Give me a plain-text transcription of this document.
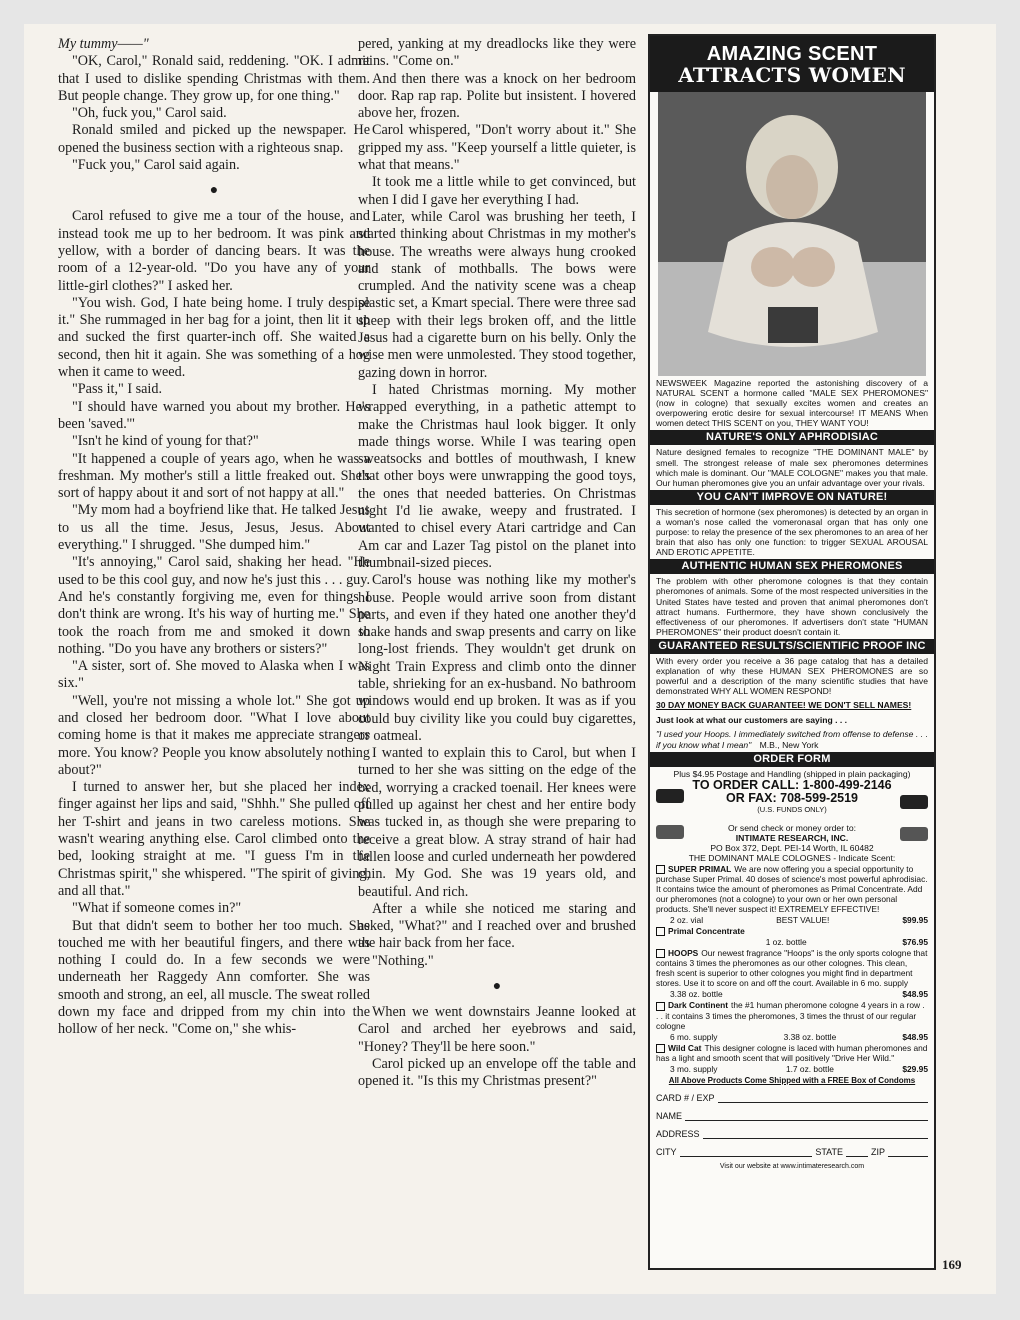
My tummy——"

"OK, Carol," Ronald said, reddening. "OK. I admit that I used to dislike spending Christmas with them. But people change. They grow up, for one thing."

"Oh, fuck you," Carol said.

Ronald smiled and picked up the newspaper. He opened the business section with a righteous snap.

"Fuck you," Carol said again.

●

Carol refused to give me a tour of the house, and instead took me up to her bedroom. It was pink and yellow, with a border of dancing bears. It was the room of a 12-year-old. "Do you have any of your little-girl clothes?" I asked her.

"You wish. God, I hate being home. I truly despise it." She rummaged in her bag for a joint, then lit it up and sucked the first quarter-inch off. She waited a second, then hit it again. She was something of a hog when it came to weed.

"Pass it," I said.

"I should have warned you about my brother. He's been 'saved.'"

"Isn't he kind of young for that?"

"It happened a couple of years ago, when he was a freshman. My mother's still a little freaked out. She's sort of happy about it and sort of not happy at all."

"My mom had a boyfriend like that. He talked Jesus to us all the time. Jesus, Jesus, Jesus. About everything." I shrugged. "She dumped him."

"It's annoying," Carol said, shaking her head. "He used to be this cool guy, and now he's just this . . . guy. And he's constantly forgiving me, even for things I don't think are wrong. It's his way of hurting me." She took the roach from me and smoked it down to nothing. "Do you have any brothers or sisters?"

"A sister, sort of. She moved to Alaska when I was six."

"Well, you're not missing a whole lot." She got up and closed her bedroom door. "What I love about coming home is that it makes me appreciate strangers more. You know? People you know absolutely nothing about?"

I turned to answer her, but she placed her index finger against her lips and said, "Shhh." She pulled off her T-shirt and jeans in two careless motions. She wasn't wearing anything else. Carol climbed onto the bed, looking straight at me. "I guess I'm in the Christmas spirit," she whispered. "The spirit of giving, and all that."

"What if someone comes in?"

But that didn't seem to bother her too much. She touched me with her beautiful fingers, and there was nothing I could do. In a few seconds we were underneath her Raggedy Ann comforter. She was smooth and strong, an eel, all muscle. The sweat rolled down my face and dripped from my chin into the hollow of her neck. "Come on," she whis-

pered, yanking at my dreadlocks like they were reins. "Come on."

And then there was a knock on her bedroom door. Rap rap rap. Polite but insistent. I hovered above her, frozen.

Carol whispered, "Don't worry about it." She gripped my ass. "Keep yourself a little quieter, is what that means."

It took me a little while to get convinced, but when I did I gave her everything I had.

Later, while Carol was brushing her teeth, I started thinking about Christmas in my mother's house. The wreaths were always hung crooked and stank of mothballs. The bows were crumpled. And the nativity scene was a cheap plastic set, a Kmart special. There were three sad sheep with their legs broken off, and the little Jesus had a cigarette burn on his belly. Only the wise men were unmolested. They stood together, gazing down in horror.

I hated Christmas morning. My mother wrapped everything, in a pathetic attempt to make the Christmas haul look bigger. It only made things worse. While I was tearing open sweatsocks and bottles of mouthwash, I knew that other boys were unwrapping the good toys, the ones that needed batteries. On Christmas night I'd lie awake, weepy and frustrated. I wanted to chisel every Atari cartridge and Can Am car and Lazer Tag pistol on the planet into thumbnail-sized pieces.

Carol's house was nothing like my mother's house. People would arrive soon from distant parts, and even if they hated one another they'd shake hands and swap presents and carry on like long-lost friends. They wouldn't get drunk on Night Train Express and climb onto the dinner table, shrieking for an ex-husband. No bathroom windows would end up broken. It was as if you could buy civility like you could buy cigarettes, or oatmeal.

I wanted to explain this to Carol, but when I turned to her she was sitting on the edge of the bed, worrying a cracked toenail. Her knees were pulled up against her chest and her entire body was tucked in, as though she were preparing to receive a great blow. A stray strand of hair had fallen loose and curled underneath her powdered chin. My God. She was 19 years old, and beautiful. And rich.

After a while she noticed me staring and asked, "What?" and I reached over and brushed the hair back from her face.

"Nothing."

●

When we went downstairs Jeanne looked at Carol and arched her eyebrows and said, "Honey? They'll be here soon."

Carol picked up an envelope off the table and opened it. "Is this my Christmas present?"

AMAZING SCENT
ATTRACTS WOMEN
NEWSWEEK Magazine reported the astonishing discovery of a NATURAL SCENT a hormone called "MALE SEX PHEROMONES" (now in cologne) that sexually excites women and creates an overpowering erotic desire for sexual intercourse! IT MEANS When women detect THIS SCENT on you, THEY WANT YOU!
NATURE'S ONLY APHRODISIAC
Nature designed females to recognize "THE DOMINANT MALE" by smell. The strongest release of male sex pheromones determines which male is dominant. Our "MALE COLOGNE" makes you that male. Our human pheromones give you an unfair advantage over your rivals.
YOU CAN'T IMPROVE ON NATURE!
This secretion of hormone (sex pheromones) is detected by an organ in a woman's nose called the vomeronasal organ that has only one purpose: to relay the presence of the sex pheromones to an area of her brain that also has only one function: to trigger SEXUAL AROUSAL AND EROTIC APPETITE.
AUTHENTIC HUMAN SEX PHEROMONES
The problem with other pheromone colognes is that they contain pheromones of animals. Some of the most respected universities in the United States have tested and proven that animal pheromones don't attract humans. Furthermore, they have shown conclusively the effectiveness of our pheromones. If advertisers don't state "HUMAN PHEROMONES" their product doesn't contain it.
GUARANTEED RESULTS/SCIENTIFIC PROOF INC
With every order you receive a 36 page catalog that has a detailed explanation of why these HUMAN SEX PHEROMONES are so powerful and a description of the many scientific studies that have demonstrated WHY ALL WOMEN RESPOND!
30 DAY MONEY BACK GUARANTEE! WE DON'T SELL NAMES!
Just look at what our customers are saying . . .
"I used your Hoops. I immediately switched from offense to defense . . . if you know what I mean" M.B., New York
ORDER FORM
Plus $4.95 Postage and Handling (shipped in plain packaging)
TO ORDER CALL: 1-800-499-2146
OR FAX: 708-599-2519
(U.S. FUNDS ONLY)
Or send check or money order to:
INTIMATE RESEARCH, INC.
PO Box 372, Dept. PEI-14 Worth, IL 60482
THE DOMINANT MALE COLOGNES - Indicate Scent:
SUPER PRIMAL We are now offering you a special opportunity to purchase Super Primal. 40 doses of science's most powerful aphrodisiac. It contains twice the amount of pheromones as Primal Concentrate. Add our pheromones (not a cologne) to your own or her own personal products. She'll never suspect it! EXTREMELY EFFECTIVE!
2 oz. vial	BEST VALUE!	$99.95
Primal Concentrate
1 oz. bottle	$76.95
HOOPS Our newest fragrance "Hoops" is the only sports cologne that contains 3 times the pheromones as our other colognes. This clean, fresh scent is superior to other colognes you might find in department stores. Use it to score on and off the court. Available in 6 mo. supply
3.38 oz. bottle	$48.95
Dark Continent the #1 human pheromone cologne 4 years in a row . . . it contains 3 times the pheromones, 3 times the thrust of our regular cologne
6 mo. supply	3.38 oz. bottle	$48.95
Wild Cat This designer cologne is laced with human pheromones and has a light and smooth scent that will positively "Drive Her Wild."
3 mo. supply	1.7 oz. bottle	$29.95
All Above Products Come Shipped with a FREE Box of Condoms
CARD # / EXP
NAME
ADDRESS
CITY	STATE	ZIP
Visit our website at www.intimateresearch.com
169
